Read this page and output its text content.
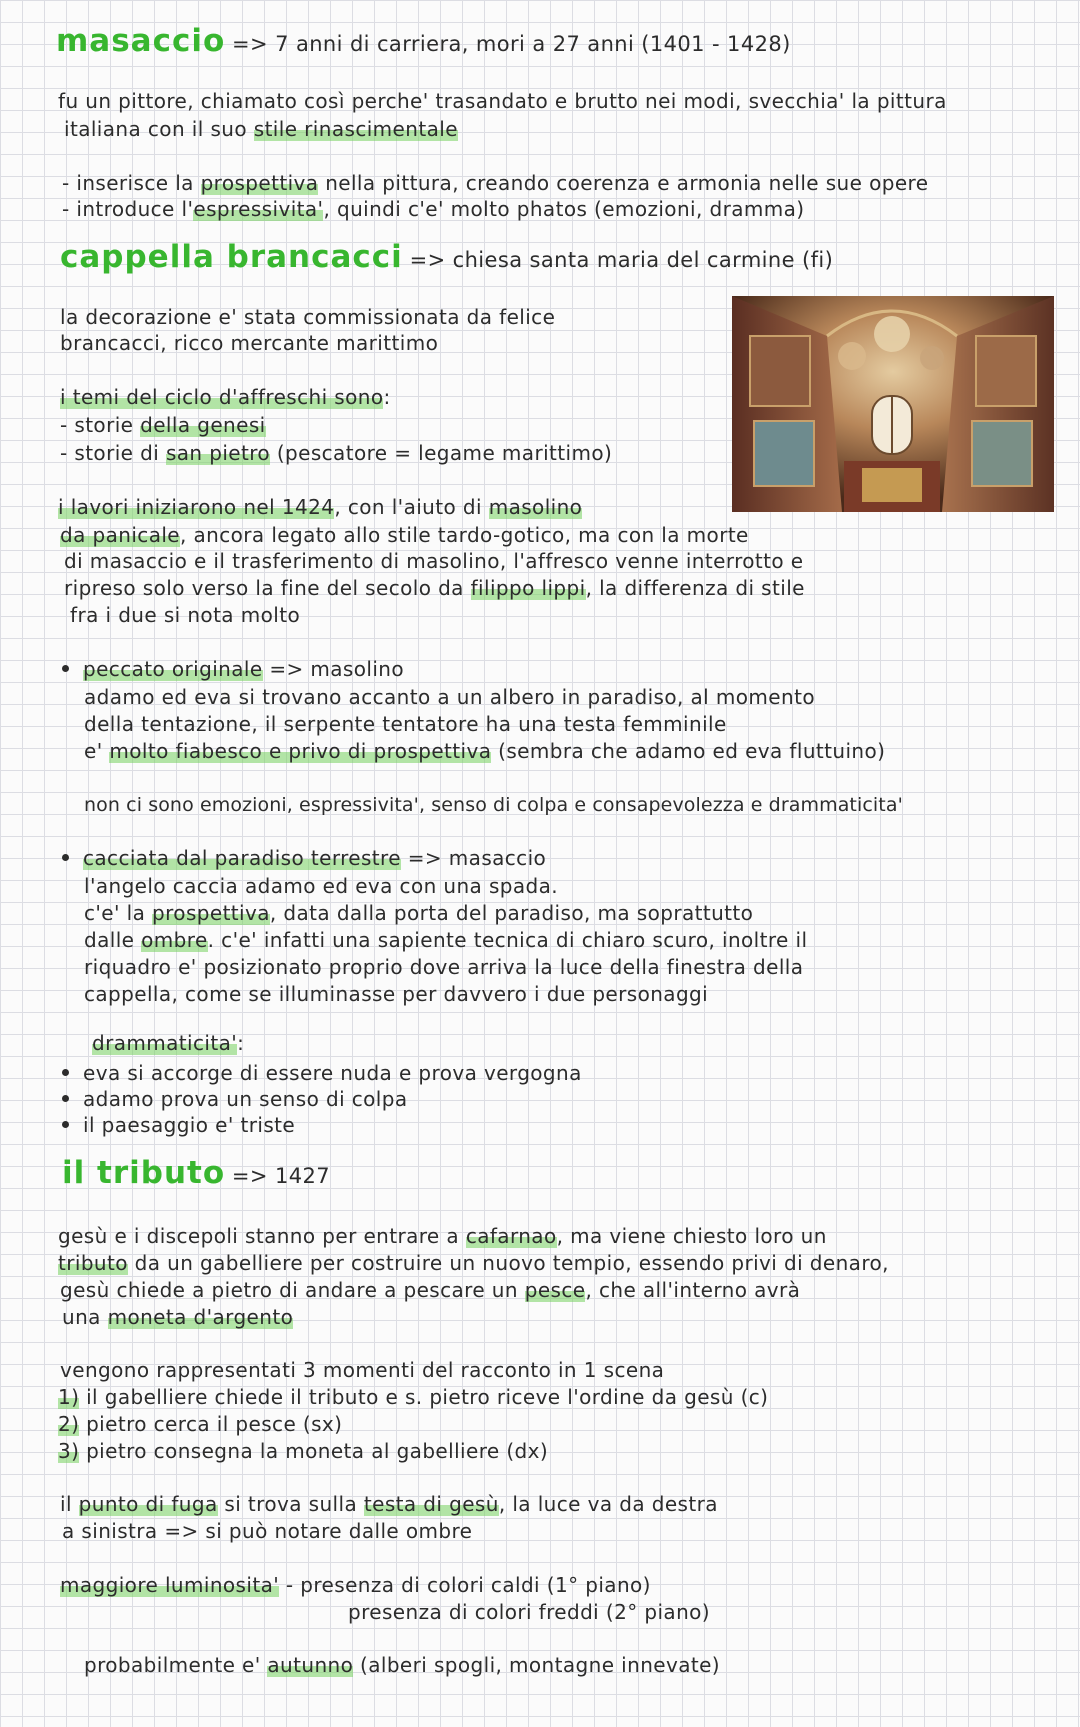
masaccio => 7 anni di carriera, mori a 27 anni (1401 - 1428)
fu un pittore, chiamato così perche' trasandato e brutto nei modi, svecchia' la pittura
italiana con il suo stile rinascimentale
- inserisce la prospettiva nella pittura, creando coerenza e armonia nelle sue opere
- introduce l'espressivita', quindi c'e' molto phatos (emozioni, dramma)
cappella brancacci => chiesa santa maria del carmine (fi)
la decorazione e' stata commissionata da felice
brancacci, ricco mercante marittimo
i temi del ciclo d'affreschi sono:
- storie della genesi
- storie di san pietro (pescatore = legame marittimo)
i lavori iniziarono nel 1424, con l'aiuto di masolino
da panicale, ancora legato allo stile tardo-gotico, ma con la morte
di masaccio e il trasferimento di masolino, l'affresco venne interrotto e
ripreso solo verso la fine del secolo da filippo lippi, la differenza di stile
fra i due si nota molto
peccato originale => masolino
adamo ed eva si trovano accanto a un albero in paradiso, al momento
della tentazione, il serpente tentatore ha una testa femminile
e' molto fiabesco e privo di prospettiva (sembra che adamo ed eva fluttuino)
non ci sono emozioni, espressivita', senso di colpa e consapevolezza e drammaticita'
cacciata dal paradiso terrestre => masaccio
l'angelo caccia adamo ed eva con una spada.
c'e' la prospettiva, data dalla porta del paradiso, ma soprattutto
dalle ombre. c'e' infatti una sapiente tecnica di chiaro scuro, inoltre il
riquadro e' posizionato proprio dove arriva la luce della finestra della
cappella, come se illuminasse per davvero i due personaggi
drammaticita':
eva si accorge di essere nuda e prova vergogna
adamo prova un senso di colpa
il paesaggio e' triste
il tributo => 1427
gesù e i discepoli stanno per entrare a cafarnao, ma viene chiesto loro un
tributo da un gabelliere per costruire un nuovo tempio, essendo privi di denaro,
gesù chiede a pietro di andare a pescare un pesce, che all'interno avrà
una moneta d'argento
vengono rappresentati 3 momenti del racconto in 1 scena
1) il gabelliere chiede il tributo e s. pietro riceve l'ordine da gesù (c)
2) pietro cerca il pesce (sx)
3) pietro consegna la moneta al gabelliere (dx)
il punto di fuga si trova sulla testa di gesù, la luce va da destra
a sinistra => si può notare dalle ombre
maggiore luminosita' - presenza di colori caldi (1° piano)
presenza di colori freddi (2° piano)
probabilmente e' autunno (alberi spogli, montagne innevate)
